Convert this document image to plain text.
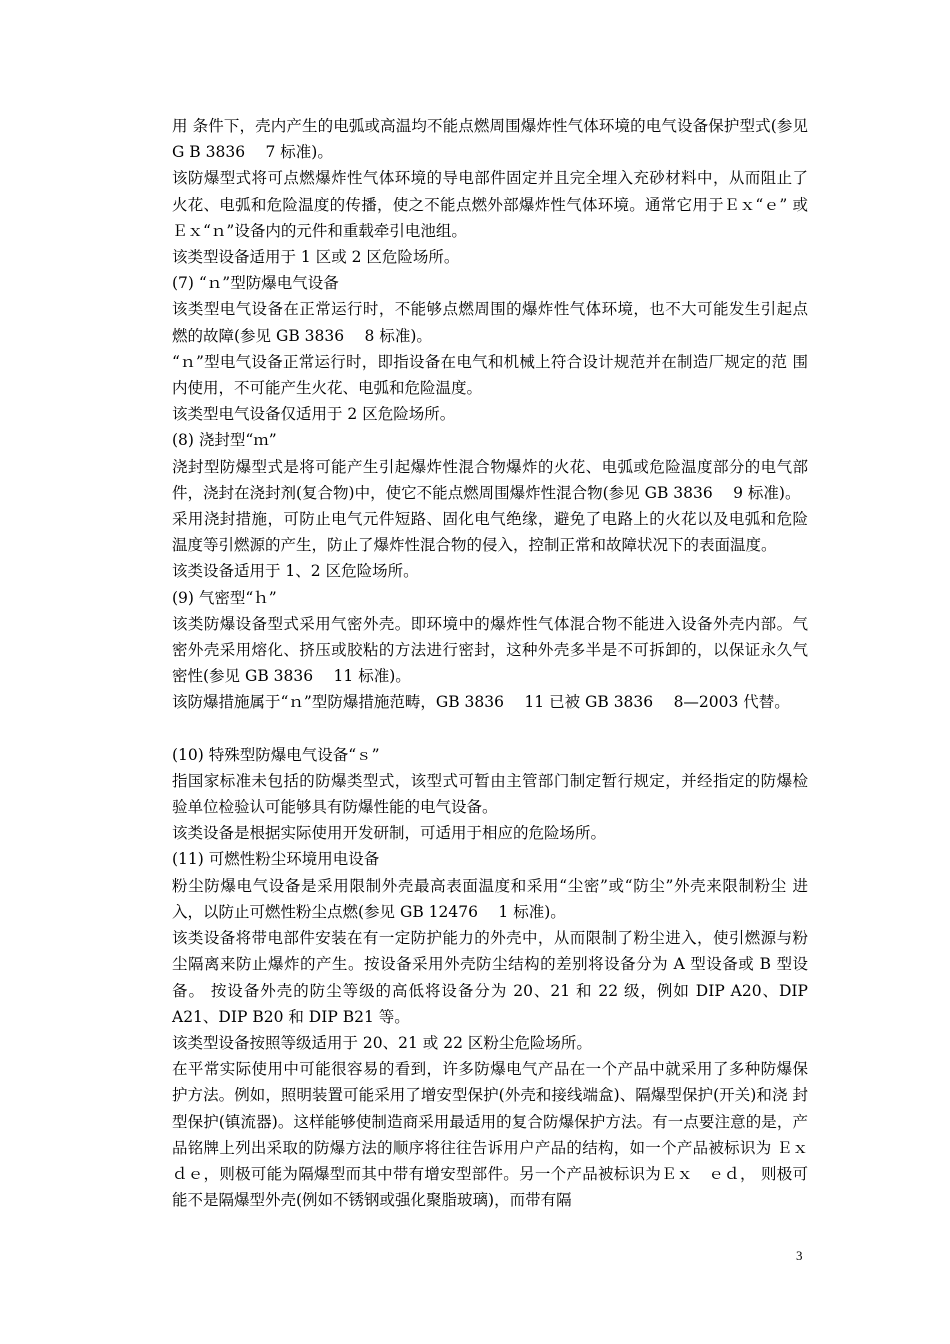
用 条件下，壳内产生的电弧或高温均不能点燃周围爆炸性气体环境的电气设备保护型式(参见 G B 3836　 7 标准)。

该防爆型式将可点燃爆炸性气体环境的导电部件固定并且完全埋入充砂材料中，从而阻止了 火花、电弧和危险温度的传播，使之不能点燃外部爆炸性气体环境。通常它用于Ｅｘ“ｅ” 或Ｅｘ“ｎ”设备内的元件和重载牵引电池组。

该类型设备适用于 1 区或 2 区危险场所。

(7) “ｎ”型防爆电气设备

该类型电气设备在正常运行时，不能够点燃周围的爆炸性气体环境，也不大可能发生引起点 燃的故障(参见 GB 3836　 8 标准)。

“ｎ”型电气设备正常运行时，即指设备在电气和机械上符合设计规范并在制造厂规定的范 围内使用，不可能产生火花、电弧和危险温度。

该类型电气设备仅适用于 2 区危险场所。

(8) 浇封型“ｍ”

浇封型防爆型式是将可能产生引起爆炸性混合物爆炸的火花、电弧或危险温度部分的电气部 件，浇封在浇封剂(复合物)中，使它不能点燃周围爆炸性混合物(参见 GB 3836　 9 标准)。

采用浇封措施，可防止电气元件短路、固化电气绝缘，避免了电路上的火花以及电弧和危险 温度等引燃源的产生，防止了爆炸性混合物的侵入，控制正常和故障状况下的表面温度。

该类设备适用于 1、2 区危险场所。

(9) 气密型“ｈ”

该类防爆设备型式采用气密外壳。即环境中的爆炸性气体混合物不能进入设备外壳内部。气 密外壳采用熔化、挤压或胶粘的方法进行密封，这种外壳多半是不可拆卸的，以保证永久气 密性(参见 GB 3836　 11 标准)。

该防爆措施属于“ｎ”型防爆措施范畴，GB 3836　 11 已被 GB 3836　 8—2003 代替。

(10) 特殊型防爆电气设备“ｓ”

指国家标准未包括的防爆类型式，该型式可暂由主管部门制定暂行规定，并经指定的防爆检 验单位检验认可能够具有防爆性能的电气设备。

该类设备是根据实际使用开发研制，可适用于相应的危险场所。

(11) 可燃性粉尘环境用电设备

粉尘防爆电气设备是采用限制外壳最高表面温度和采用“尘密”或“防尘”外壳来限制粉尘 进入，以防止可燃性粉尘点燃(参见 GB 12476　 1 标准)。

该类设备将带电部件安装在有一定防护能力的外壳中，从而限制了粉尘进入，使引燃源与粉 尘隔离来防止爆炸的产生。按设备采用外壳防尘结构的差别将设备分为 A 型设备或 B 型设备。 按设备外壳的防尘等级的高低将设备分为 20、21 和 22 级，例如 DIP A20、DIP A21、DIP B20 和 DIP B21 等。

该类型设备按照等级适用于 20、21 或 22 区粉尘危险场所。

在平常实际使用中可能很容易的看到，许多防爆电气产品在一个产品中就采用了多种防爆保 护方法。例如，照明装置可能采用了增安型保护(外壳和接线端盒)、隔爆型保护(开关)和浇 封型保护(镇流器)。这样能够使制造商采用最适用的复合防爆保护方法。有一点要注意的是，产品铭牌上列出采取的防爆方法的顺序将往往告诉用户产品的结构，如一个产品被标识为 Ｅｘ　ｄｅ，则极可能为隔爆型而其中带有增安型部件。另一个产品被标识为Ｅｘ　ｅｄ， 则极可能不是隔爆型外壳(例如不锈钢或强化聚脂玻璃)，而带有隔

3
